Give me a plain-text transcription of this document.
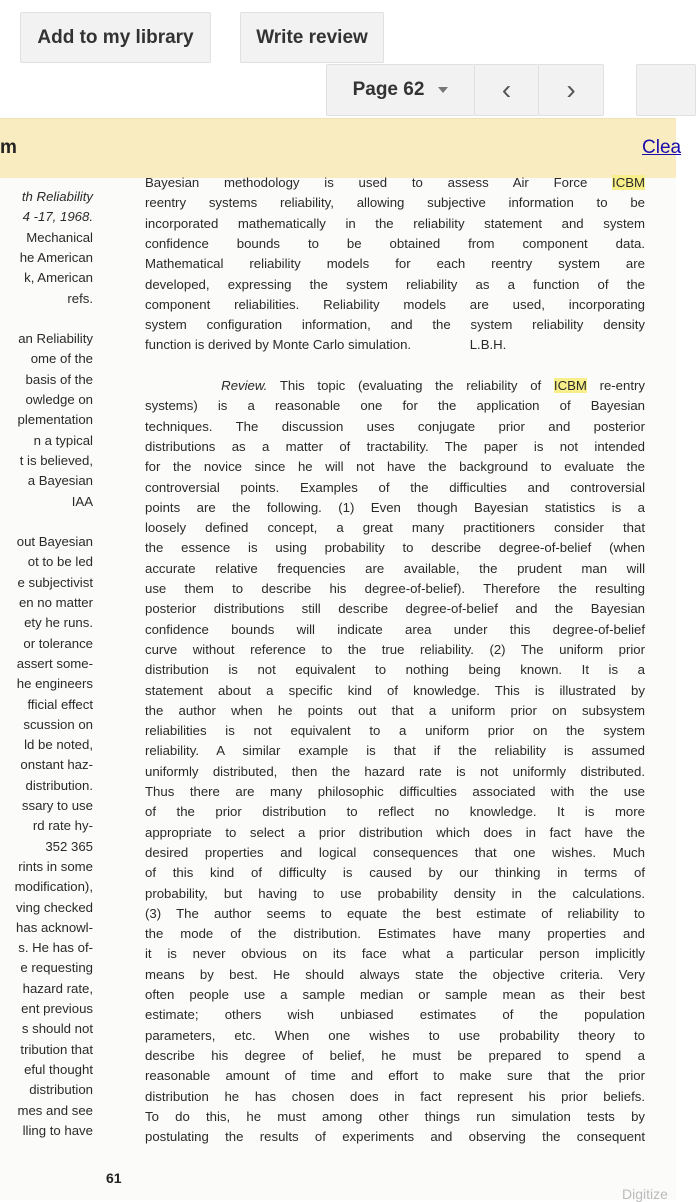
Add to my library	Write review
Page 62	‹ ›
m	Clea
th Reliability
4 -17, 1968.
Mechanical
he American
k, American
refs.
an Reliability
ome of the
basis of the
owledge on
plementation
n a typical
t is believed,
a Bayesian
IAA
out Bayesian
ot to be led
e subjectivist
en no matter
ety he runs.
or tolerance
assert some-
he engineers
fficial effect
scussion on
ld be noted,
onstant haz-
distribution.
ssary to use
rd rate hy-
352 365
rints in some
modification),
ving checked
has acknowl-
s. He has of-
e requesting
hazard rate,
ent previous
s should not
tribution that
eful thought
distribution
mes and see
lling to have
Bayesian methodology is used to assess Air Force ICBM
reentry systems reliability, allowing subjective information to be
incorporated mathematically in the reliability statement and system
confidence bounds to be obtained from component data.
Mathematical reliability models for each reentry system are
developed, expressing the system reliability as a function of the
component reliabilities. Reliability models are used, incorporating
system configuration information, and the system reliability density
function is derived by Monte Carlo simulation.                L.B.H.
Review. This topic (evaluating the reliability of ICBM re-entry
systems) is a reasonable one for the application of Bayesian
techniques. The discussion uses conjugate prior and posterior
distributions as a matter of tractability. The paper is not intended
for the novice since he will not have the background to evaluate the
controversial points. Examples of the difficulties and controversial
points are the following. (1) Even though Bayesian statistics is a
loosely defined concept, a great many practitioners consider that
the essence is using probability to describe degree-of-belief (when
accurate relative frequencies are available, the prudent man will
use them to describe his degree-of-belief). Therefore the resulting
posterior distributions still describe degree-of-belief and the Bayesian
confidence bounds will indicate area under this degree-of-belief
curve without reference to the true reliability. (2) The uniform prior
distribution is not equivalent to nothing being known. It is a
statement about a specific kind of knowledge. This is illustrated by
the author when he points out that a uniform prior on subsystem
reliabilities is not equivalent to a uniform prior on the system
reliability. A similar example is that if the reliability is assumed
uniformly distributed, then the hazard rate is not uniformly distributed.
Thus there are many philosophic difficulties associated with the use
of the prior distribution to reflect no knowledge. It is more
appropriate to select a prior distribution which does in fact have the
desired properties and logical consequences that one wishes. Much
of this kind of difficulty is caused by our thinking in terms of
probability, but having to use probability density in the calculations.
(3) The author seems to equate the best estimate of reliability to
the mode of the distribution. Estimates have many properties and
it is never obvious on its face what a particular person implicitly
means by best. He should always state the objective criteria. Very
often people use a sample median or sample mean as their best
estimate; others wish unbiased estimates of the population
parameters, etc. When one wishes to use probability theory to
describe his degree of belief, he must be prepared to spend a
reasonable amount of time and effort to make sure that the prior
distribution he has chosen does in fact represent his prior beliefs.
To do this, he must among other things run simulation tests by
postulating the results of experiments and observing the consequent
61
Digitize
